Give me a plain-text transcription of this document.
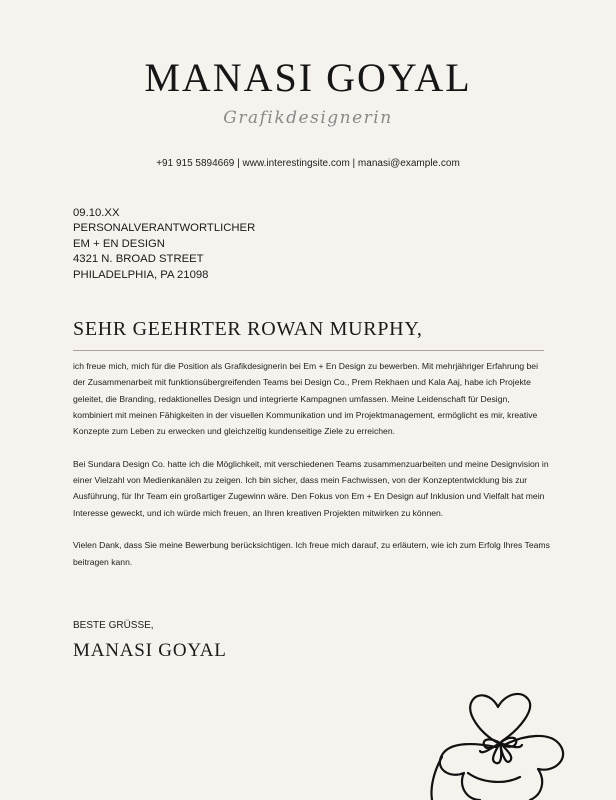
MANASI GOYAL
Grafikdesignerin
+91 915 5894669 | www.interestingsite.com | manasi@example.com
09.10.XX
PERSONALVERANTWORTLICHER
EM + EN DESIGN
4321 N. BROAD STREET
PHILADELPHIA, PA 21098
SEHR GEEHRTER ROWAN MURPHY,

ich freue mich, mich für die Position als Grafikdesignerin bei Em + En Design zu bewerben. Mit mehrjähriger Erfahrung bei der Zusammenarbeit mit funktionsübergreifenden Teams bei Design Co., Prem Rekhaen und Kala Aaj, habe ich Projekte geleitet, die Branding, redaktionelles Design und integrierte Kampagnen umfassen. Meine Leidenschaft für Design, kombiniert mit meinen Fähigkeiten in der visuellen Kommunikation und im Projektmanagement, ermöglicht es mir, kreative Konzepte zum Leben zu erwecken und gleichzeitig kundenseitige Ziele zu erreichen.

Bei Sundara Design Co. hatte ich die Möglichkeit, mit verschiedenen Teams zusammenzuarbeiten und meine Designvision in einer Vielzahl von Medienkanälen zu zeigen. Ich bin sicher, dass mein Fachwissen, von der Konzeptentwicklung bis zur Ausführung, für Ihr Team ein großartiger Zugewinn wäre. Den Fokus von Em + En Design auf Inklusion und Vielfalt hat mein Interesse geweckt, und ich würde mich freuen, an Ihren kreativen Projekten mitwirken zu können.

Vielen Dank, dass Sie meine Bewerbung berücksichtigen. Ich freue mich darauf, zu erläutern, wie ich zum Erfolg Ihres Teams beitragen kann.

BESTE GRÜSSE,
MANASI GOYAL
